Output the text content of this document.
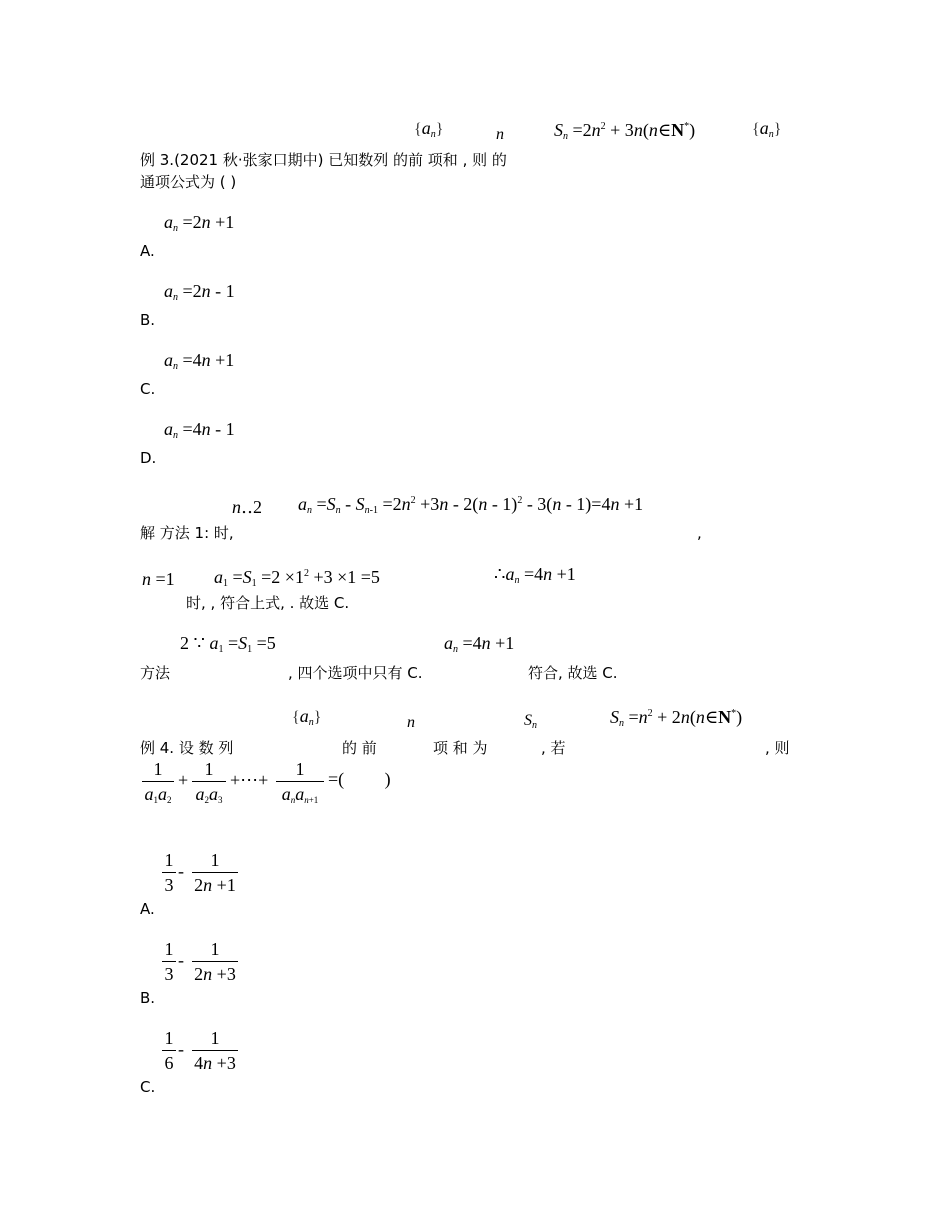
$\{a_n\}$	n	$S_n =2n^2$ + 3n(n∈N*)	$\{a_n\}$
例 3.(2021 秋·张家口期中) 已知数列 的前 项和 , 则 的
通项公式为 ( )
$a_n =2n +1$
A.
$a_n =2n - 1$
B.
$a_n =4n +1$
C.
$a_n =4n - 1$
D.
n‥2 $a_n =S_n - S_{n-1} =2n^2 +3n - 2(n - 1)^2 - 3(n - 1)=4n +1$
解 方法 1: 时,	,
n =1 $a_1 =S_1 =2 \times 1^2 +3 \times 1 =5$	$\therefore a_n =4n +1$
时, , 符合上式, . 故选 C.
2 ∵ $a_1 =S_1 =5$	$a_n =4n +1$
方法	, 四个选项中只有 C.	符合, 故选 C.
$\{a_n\}$	n	$S_n$	$S_n =n^2$ + 2n(n∈N*)
例 4. 设 数 列	的 前	项 和 为	, 若	, 则
$\frac{1}{a_1a_2} + \frac{1}{a_2a_3}$ +⋯+
1
$a_na_{n+1}$
=(         )
$\frac{1}{3} - \frac{1}{2n +1}$
A.
$\frac{1}{3} - \frac{1}{2n +3}$
B.
$\frac{1}{6} - \frac{1}{4n +3}$
C.
